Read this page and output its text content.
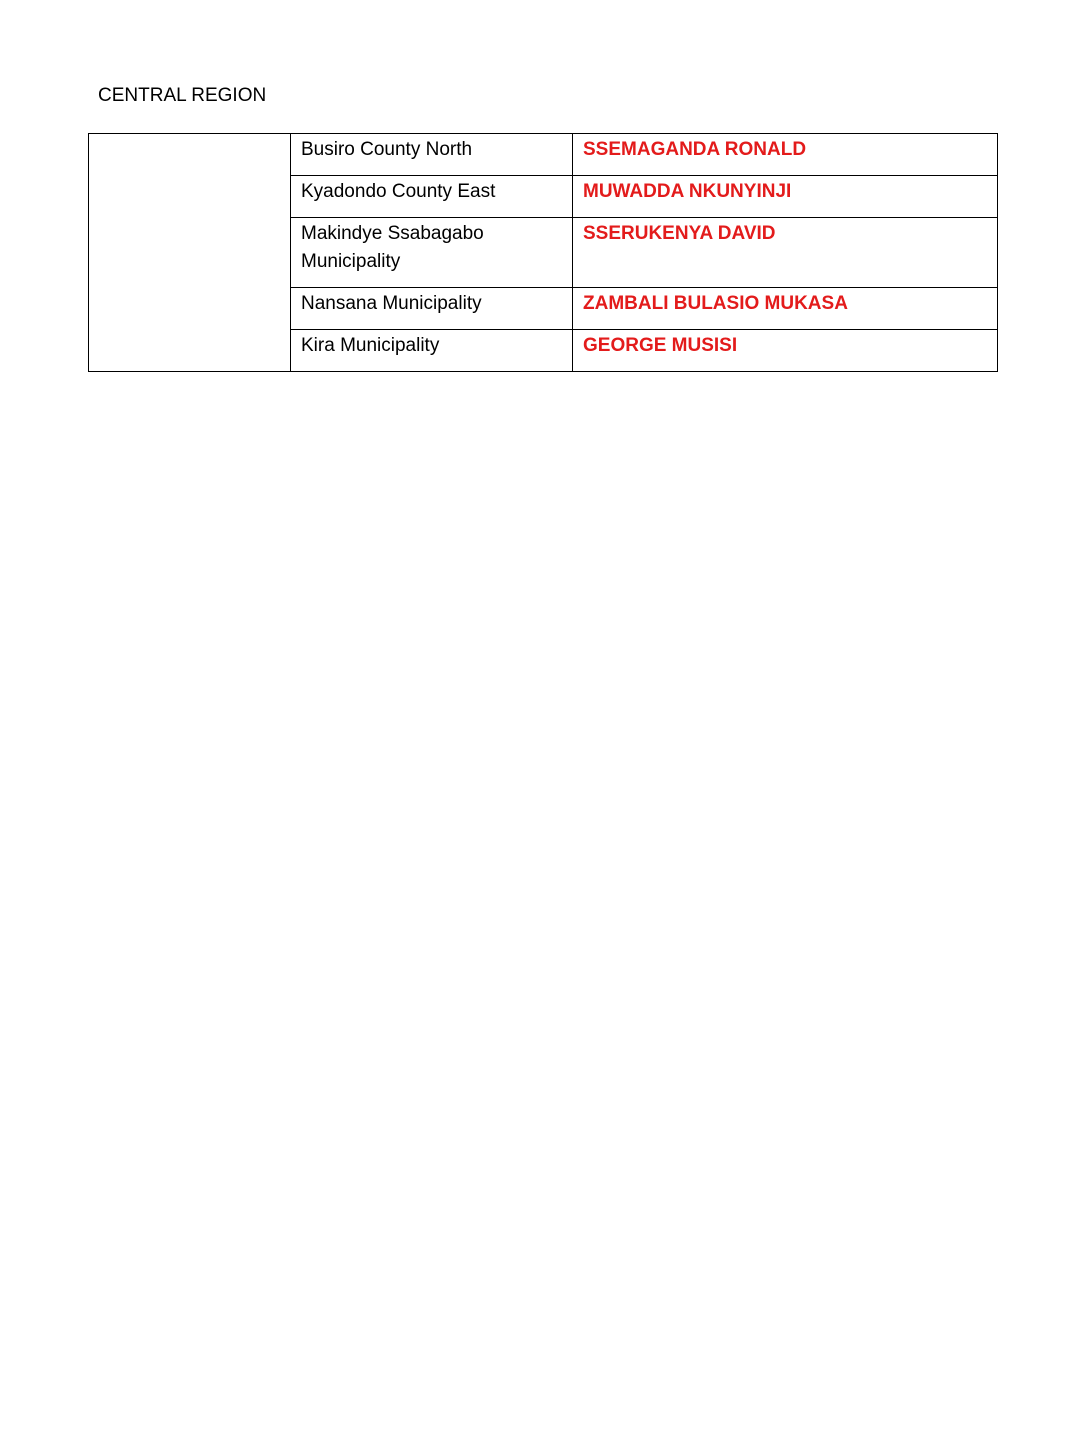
CENTRAL REGION

	Busiro County North	SSEMAGANDA RONALD
	Kyadondo County East	MUWADDA NKUNYINJI
	Makindye Ssabagabo Municipality	SSERUKENYA DAVID
	Nansana Municipality	ZAMBALI BULASIO MUKASA
	Kira Municipality	GEORGE MUSISI
